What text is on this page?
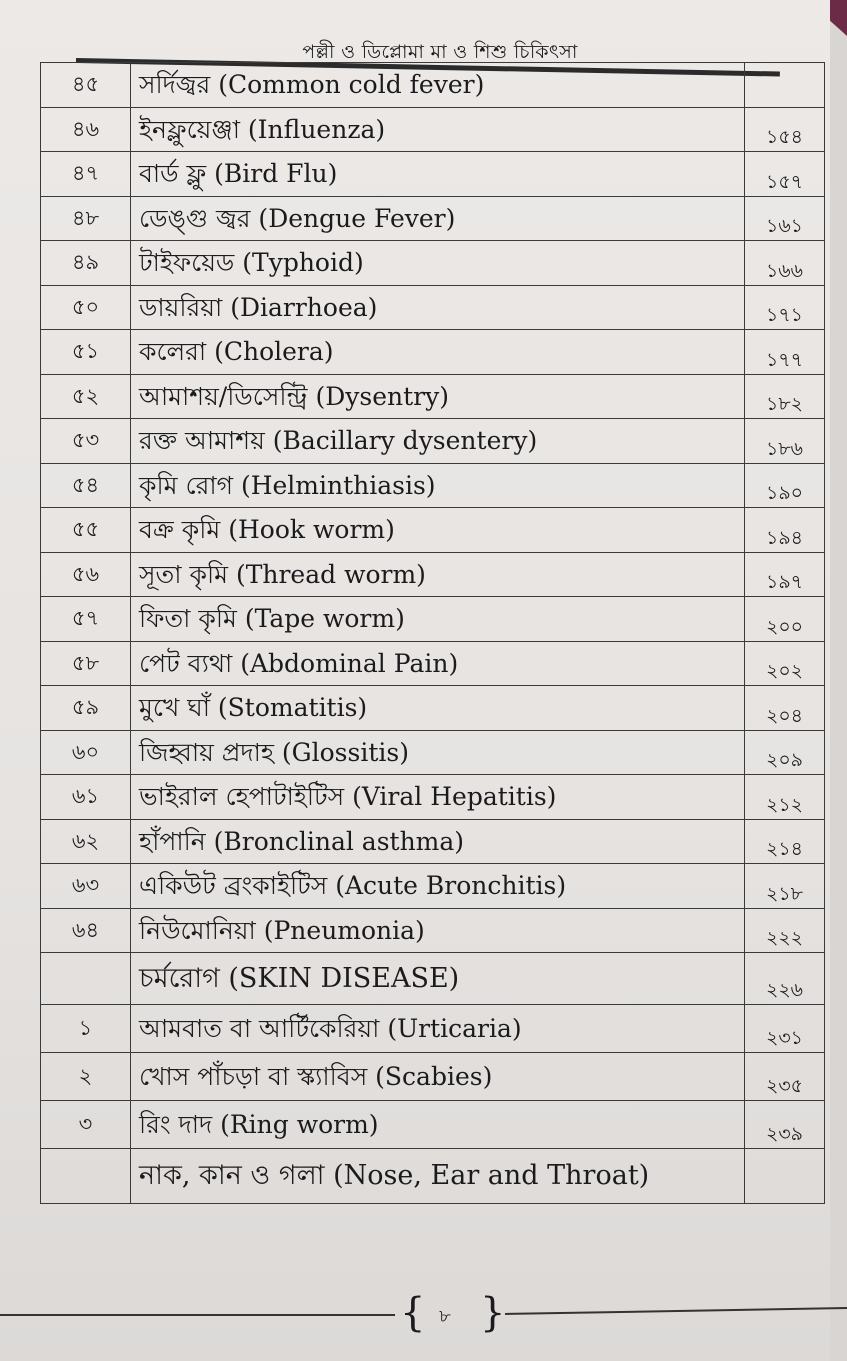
পল্লী ও ডিপ্লোমা মা ও শিশু চিকিৎসা
৪৫	সর্দিজ্বর (Common cold fever)	
৪৬	ইনফ্লুয়েঞ্জা (Influenza)	১৫৪
৪৭	বার্ড ফ্লু (Bird Flu)	১৫৭
৪৮	ডেঙ্গু জ্বর (Dengue Fever)	১৬১
৪৯	টাইফয়েড (Typhoid)	১৬৬
৫০	ডায়রিয়া (Diarrhoea)	১৭১
৫১	কলেরা (Cholera)	১৭৭
৫২	আমাশয়/ডিসেন্ট্রি (Dysentry)	১৮২
৫৩	রক্ত আমাশয় (Bacillary dysentery)	১৮৬
৫৪	কৃমি রোগ (Helminthiasis)	১৯০
৫৫	বক্র কৃমি (Hook worm)	১৯৪
৫৬	সূতা কৃমি (Thread worm)	১৯৭
৫৭	ফিতা কৃমি (Tape worm)	২০০
৫৮	পেট ব্যথা (Abdominal Pain)	২০২
৫৯	মুখে ঘাঁ (Stomatitis)	২০৪
৬০	জিহ্বায় প্রদাহ (Glossitis)	২০৯
৬১	ভাইরাল হেপাটাইটিস (Viral Hepatitis)	২১২
৬২	হাঁপানি (Bronclinal asthma)	২১৪
৬৩	একিউট ব্রংকাইটিস (Acute Bronchitis)	২১৮
৬৪	নিউমোনিয়া (Pneumonia)	২২২
	চর্মরোগ (SKIN DISEASE)	২২৬
১	আমবাত বা আর্টিকেরিয়া (Urticaria)	২৩১
২	খোস পাঁচড়া বা স্ক্যাবিস (Scabies)	২৩৫
৩	রিং দাদ (Ring worm)	২৩৯
	নাক, কান ও গলা (Nose, Ear and Throat)	
{ ৮ }
